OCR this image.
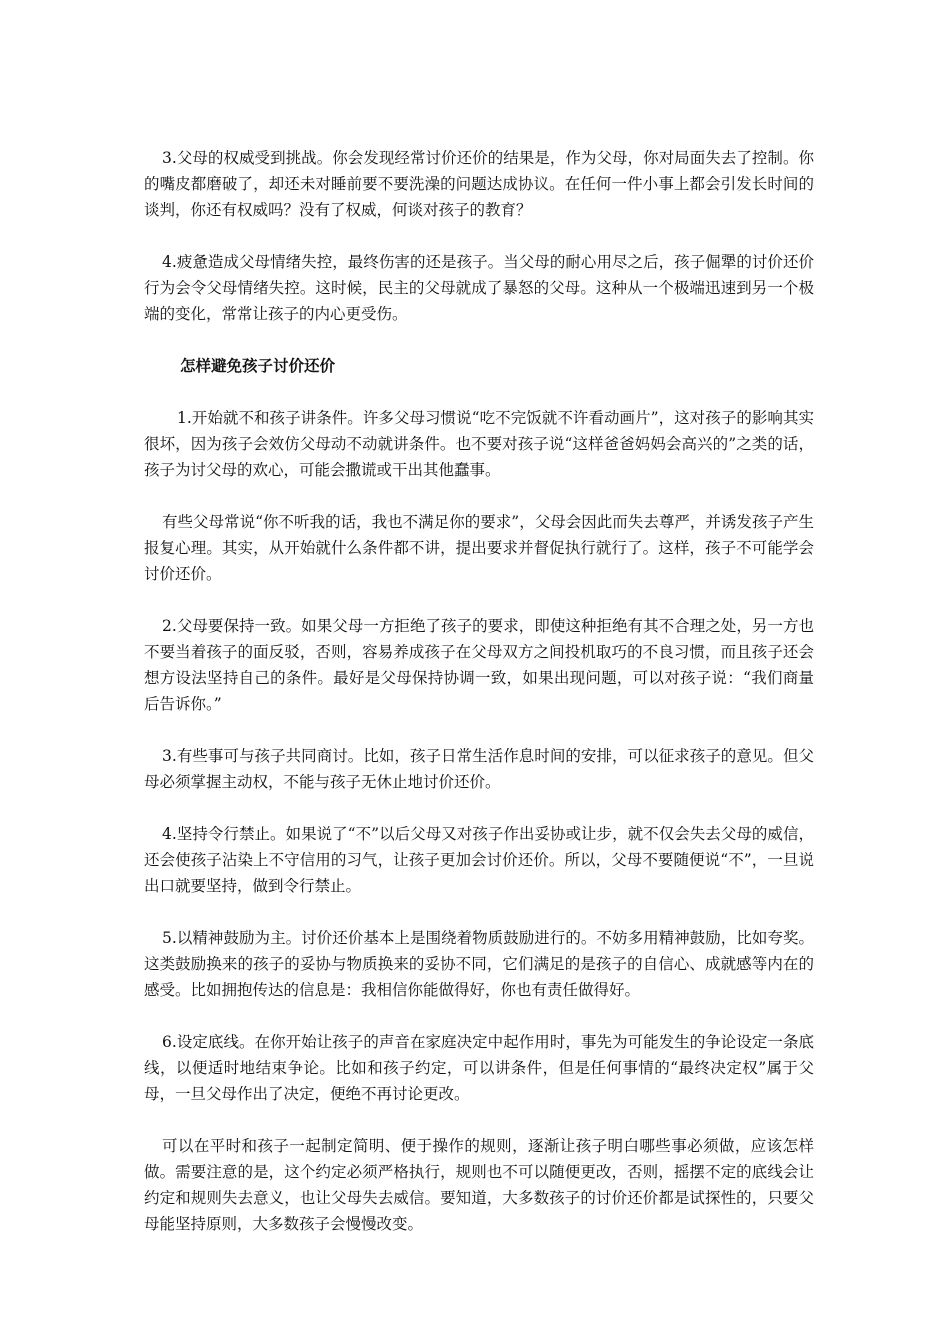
3.父母的权威受到挑战。你会发现经常讨价还价的结果是，作为父母，你对局面失去了控制。你的嘴皮都磨破了，却还未对睡前要不要洗澡的问题达成协议。在任何一件小事上都会引发长时间的谈判，你还有权威吗？没有了权威，何谈对孩子的教育？

4.疲惫造成父母情绪失控，最终伤害的还是孩子。当父母的耐心用尽之后，孩子倔犟的讨价还价行为会令父母情绪失控。这时候，民主的父母就成了暴怒的父母。这种从一个极端迅速到另一个极端的变化，常常让孩子的内心更受伤。

怎样避免孩子讨价还价

1.开始就不和孩子讲条件。许多父母习惯说“吃不完饭就不许看动画片”，这对孩子的影响其实很坏，因为孩子会效仿父母动不动就讲条件。也不要对孩子说“这样爸爸妈妈会高兴的”之类的话，孩子为讨父母的欢心，可能会撒谎或干出其他蠢事。

有些父母常说“你不听我的话，我也不满足你的要求”，父母会因此而失去尊严，并诱发孩子产生报复心理。其实，从开始就什么条件都不讲，提出要求并督促执行就行了。这样，孩子不可能学会讨价还价。

2.父母要保持一致。如果父母一方拒绝了孩子的要求，即使这种拒绝有其不合理之处，另一方也不要当着孩子的面反驳，否则，容易养成孩子在父母双方之间投机取巧的不良习惯，而且孩子还会想方设法坚持自己的条件。最好是父母保持协调一致，如果出现问题，可以对孩子说：“我们商量后告诉你。”

3.有些事可与孩子共同商讨。比如，孩子日常生活作息时间的安排，可以征求孩子的意见。但父母必须掌握主动权，不能与孩子无休止地讨价还价。

4.坚持令行禁止。如果说了“不”以后父母又对孩子作出妥协或让步，就不仅会失去父母的威信，还会使孩子沾染上不守信用的习气，让孩子更加会讨价还价。所以，父母不要随便说“不”，一旦说出口就要坚持，做到令行禁止。

5.以精神鼓励为主。讨价还价基本上是围绕着物质鼓励进行的。不妨多用精神鼓励，比如夸奖。这类鼓励换来的孩子的妥协与物质换来的妥协不同，它们满足的是孩子的自信心、成就感等内在的感受。比如拥抱传达的信息是：我相信你能做得好，你也有责任做得好。

6.设定底线。在你开始让孩子的声音在家庭决定中起作用时，事先为可能发生的争论设定一条底线，以便适时地结束争论。比如和孩子约定，可以讲条件，但是任何事情的“最终决定权”属于父母，一旦父母作出了决定，便绝不再讨论更改。

可以在平时和孩子一起制定简明、便于操作的规则，逐渐让孩子明白哪些事必须做，应该怎样做。需要注意的是，这个约定必须严格执行，规则也不可以随便更改，否则，摇摆不定的底线会让约定和规则失去意义，也让父母失去威信。要知道，大多数孩子的讨价还价都是试探性的，只要父母能坚持原则，大多数孩子会慢慢改变。
